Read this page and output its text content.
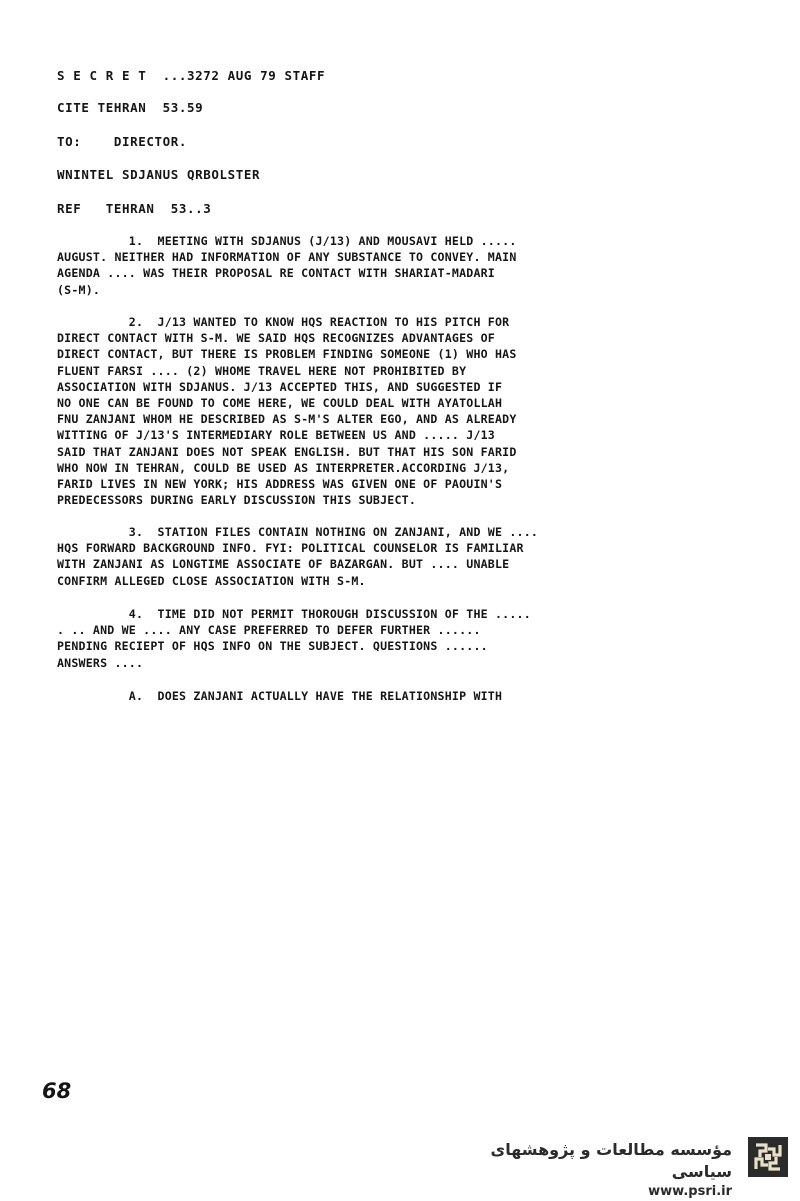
S E C R E T  ...3272 AUG 79 STAFF
CITE TEHRAN  53.59
TO:    DIRECTOR.
WNINTEL SDJANUS QRBOLSTER
REF   TEHRAN  53..3
1.  MEETING WITH SDJANUS (J/13) AND MOUSAVI HELD .....
AUGUST. NEITHER HAD INFORMATION OF ANY SUBSTANCE TO CONVEY. MAIN
AGENDA .... WAS THEIR PROPOSAL RE CONTACT WITH SHARIAT-MADARI
(S-M).
2.  J/13 WANTED TO KNOW HQS REACTION TO HIS PITCH FOR
DIRECT CONTACT WITH S-M. WE SAID HQS RECOGNIZES ADVANTAGES OF
DIRECT CONTACT, BUT THERE IS PROBLEM FINDING SOMEONE (1) WHO HAS
FLUENT FARSI .... (2) WHOME TRAVEL HERE NOT PROHIBITED BY
ASSOCIATION WITH SDJANUS. J/13 ACCEPTED THIS, AND SUGGESTED IF
NO ONE CAN BE FOUND TO COME HERE, WE COULD DEAL WITH AYATOLLAH
FNU ZANJANI WHOM HE DESCRIBED AS S-M'S ALTER EGO, AND AS ALREADY
WITTING OF J/13'S INTERMEDIARY ROLE BETWEEN US AND ..... J/13
SAID THAT ZANJANI DOES NOT SPEAK ENGLISH. BUT THAT HIS SON FARID
WHO NOW IN TEHRAN, COULD BE USED AS INTERPRETER.ACCORDING J/13,
FARID LIVES IN NEW YORK; HIS ADDRESS WAS GIVEN ONE OF PAOUIN'S
PREDECESSORS DURING EARLY DISCUSSION THIS SUBJECT.
3.  STATION FILES CONTAIN NOTHING ON ZANJANI, AND WE ....
HQS FORWARD BACKGROUND INFO. FYI: POLITICAL COUNSELOR IS FAMILIAR
WITH ZANJANI AS LONGTIME ASSOCIATE OF BAZARGAN. BUT .... UNABLE
CONFIRM ALLEGED CLOSE ASSOCIATION WITH S-M.
4.  TIME DID NOT PERMIT THOROUGH DISCUSSION OF THE .....
. .. AND WE .... ANY CASE PREFERRED TO DEFER FURTHER ......
PENDING RECIEPT OF HQS INFO ON THE SUBJECT. QUESTIONS ......
ANSWERS ....
A.  DOES ZANJANI ACTUALLY HAVE THE RELATIONSHIP WITH
68
مؤسسه مطالعات و پژوهشهای سیاسی
www.psri.ir
